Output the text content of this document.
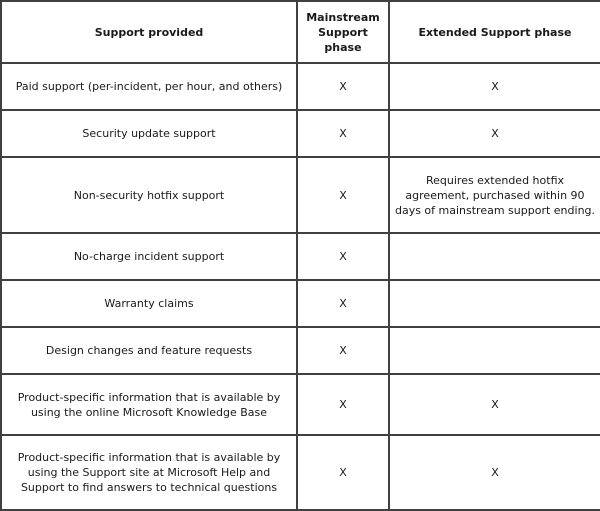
Support provided	Mainstream Support phase	Extended Support phase
Paid support (per-incident, per hour, and others)	X	X
Security update support	X	X
Non-security hotfix support	X	Requires extended hotfix agreement, purchased within 90 days of mainstream support ending.
No-charge incident support	X	
Warranty claims	X	
Design changes and feature requests	X	
Product-specific information that is available by using the online Microsoft Knowledge Base	X	X
Product-specific information that is available by using the Support site at Microsoft Help and Support to find answers to technical questions	X	X
